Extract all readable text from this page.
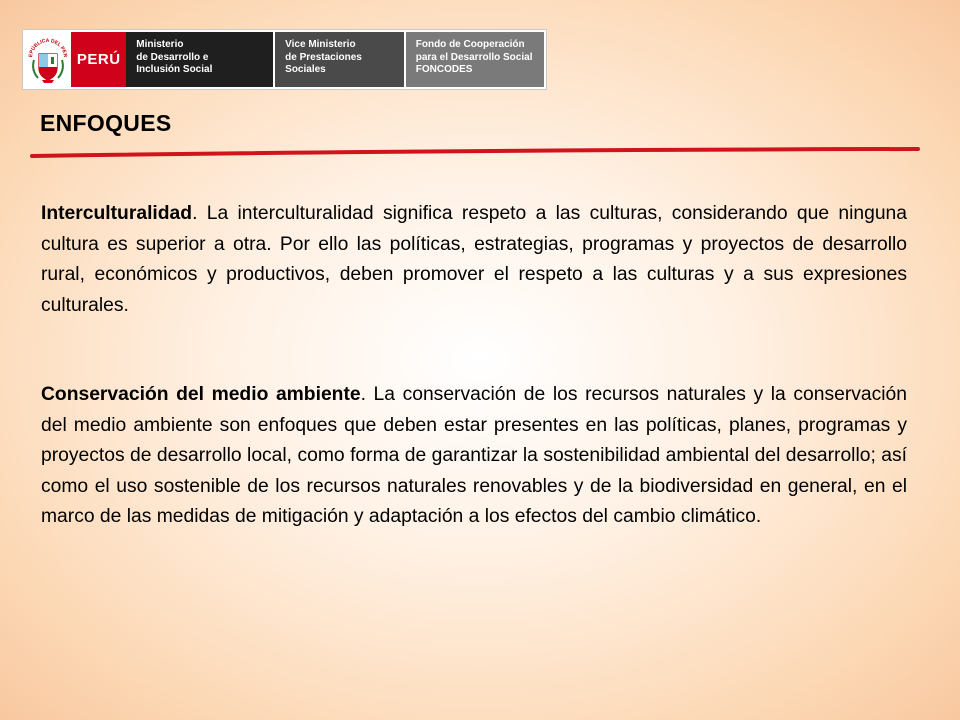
EPÚBLICA DEL PER PERÚ
Ministerio
de Desarrollo e
Inclusión Social
Vice Ministerio
de Prestaciones
Sociales
Fondo de Cooperación
para el Desarrollo Social
FONCODES
ENFOQUES

Interculturalidad. La interculturalidad significa respeto a las culturas, considerando que ninguna cultura es superior a otra. Por ello las políticas, estrategias, programas y proyectos de desarrollo rural, económicos y productivos, deben promover el respeto a las culturas y a sus expresiones culturales.

Conservación del medio ambiente. La conservación de los recursos naturales y la conservación del medio ambiente son enfoques que deben estar presentes en las políticas, planes, programas y proyectos de desarrollo local, como forma de garantizar la sostenibilidad ambiental del desarrollo; así como el uso sostenible de los recursos naturales renovables y de la biodiversidad en general, en el marco de las medidas de mitigación y adaptación a los efectos del cambio climático.
